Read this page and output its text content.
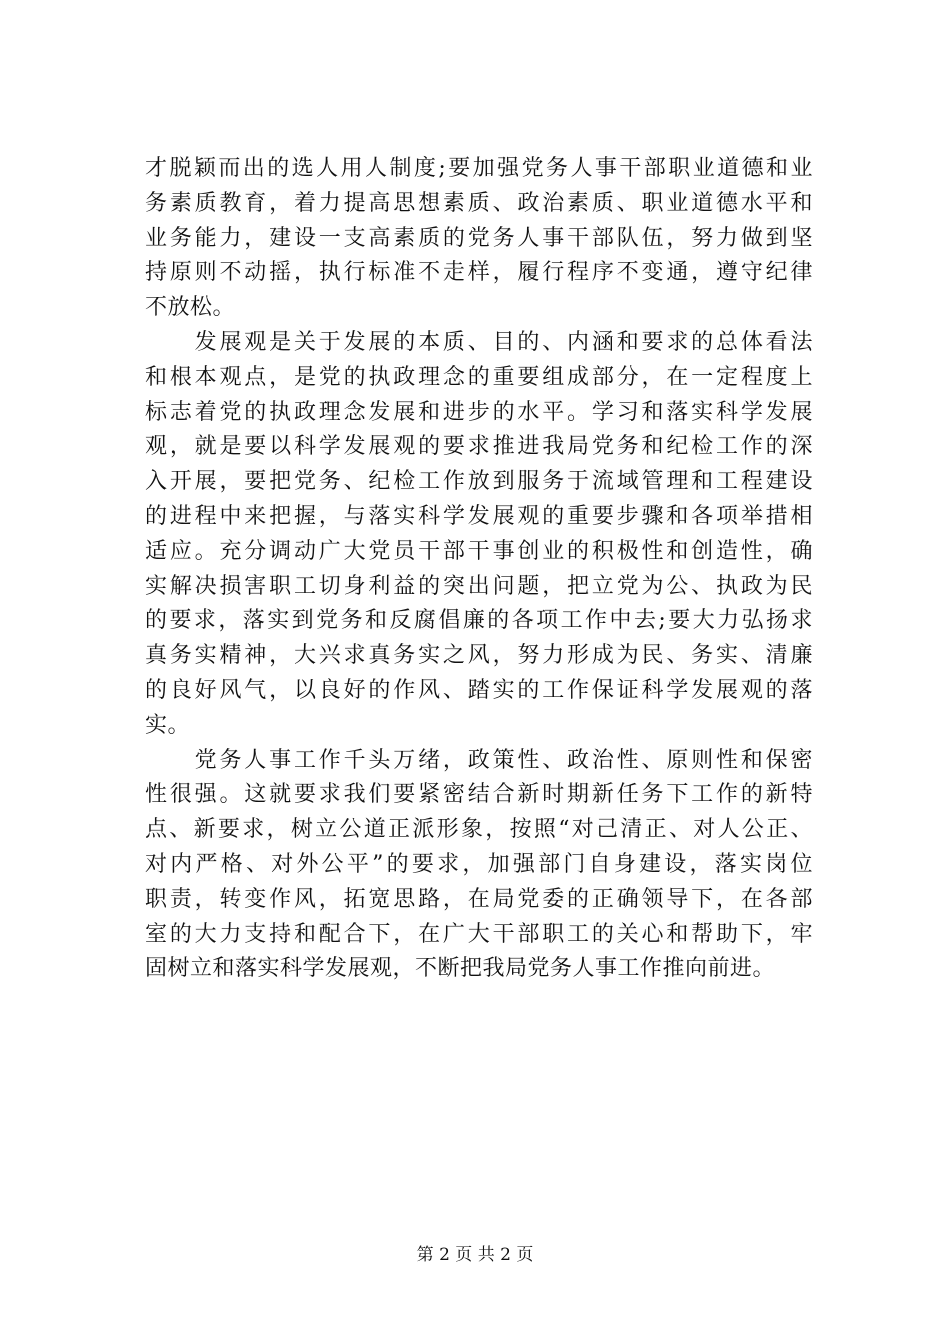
才脱颖而出的选人用人制度;要加强党务人事干部职业道德和业
务素质教育，着力提高思想素质、政治素质、职业道德水平和
业务能力，建设一支高素质的党务人事干部队伍，努力做到坚
持原则不动摇，执行标准不走样，履行程序不变通，遵守纪律
不放松。
　　发展观是关于发展的本质、目的、内涵和要求的总体看法
和根本观点，是党的执政理念的重要组成部分，在一定程度上
标志着党的执政理念发展和进步的水平。学习和落实科学发展
观，就是要以科学发展观的要求推进我局党务和纪检工作的深
入开展，要把党务、纪检工作放到服务于流域管理和工程建设
的进程中来把握，与落实科学发展观的重要步骤和各项举措相
适应。充分调动广大党员干部干事创业的积极性和创造性，确
实解决损害职工切身利益的突出问题，把立党为公、执政为民
的要求，落实到党务和反腐倡廉的各项工作中去;要大力弘扬求
真务实精神，大兴求真务实之风，努力形成为民、务实、清廉
的良好风气，以良好的作风、踏实的工作保证科学发展观的落
实。
　　党务人事工作千头万绪，政策性、政治性、原则性和保密
性很强。这就要求我们要紧密结合新时期新任务下工作的新特
点、新要求，树立公道正派形象，按照“对己清正、对人公正、
对内严格、对外公平”的要求，加强部门自身建设，落实岗位
职责，转变作风，拓宽思路，在局党委的正确领导下，在各部
室的大力支持和配合下，在广大干部职工的关心和帮助下，牢
固树立和落实科学发展观，不断把我局党务人事工作推向前进。
第 2 页 共 2 页
